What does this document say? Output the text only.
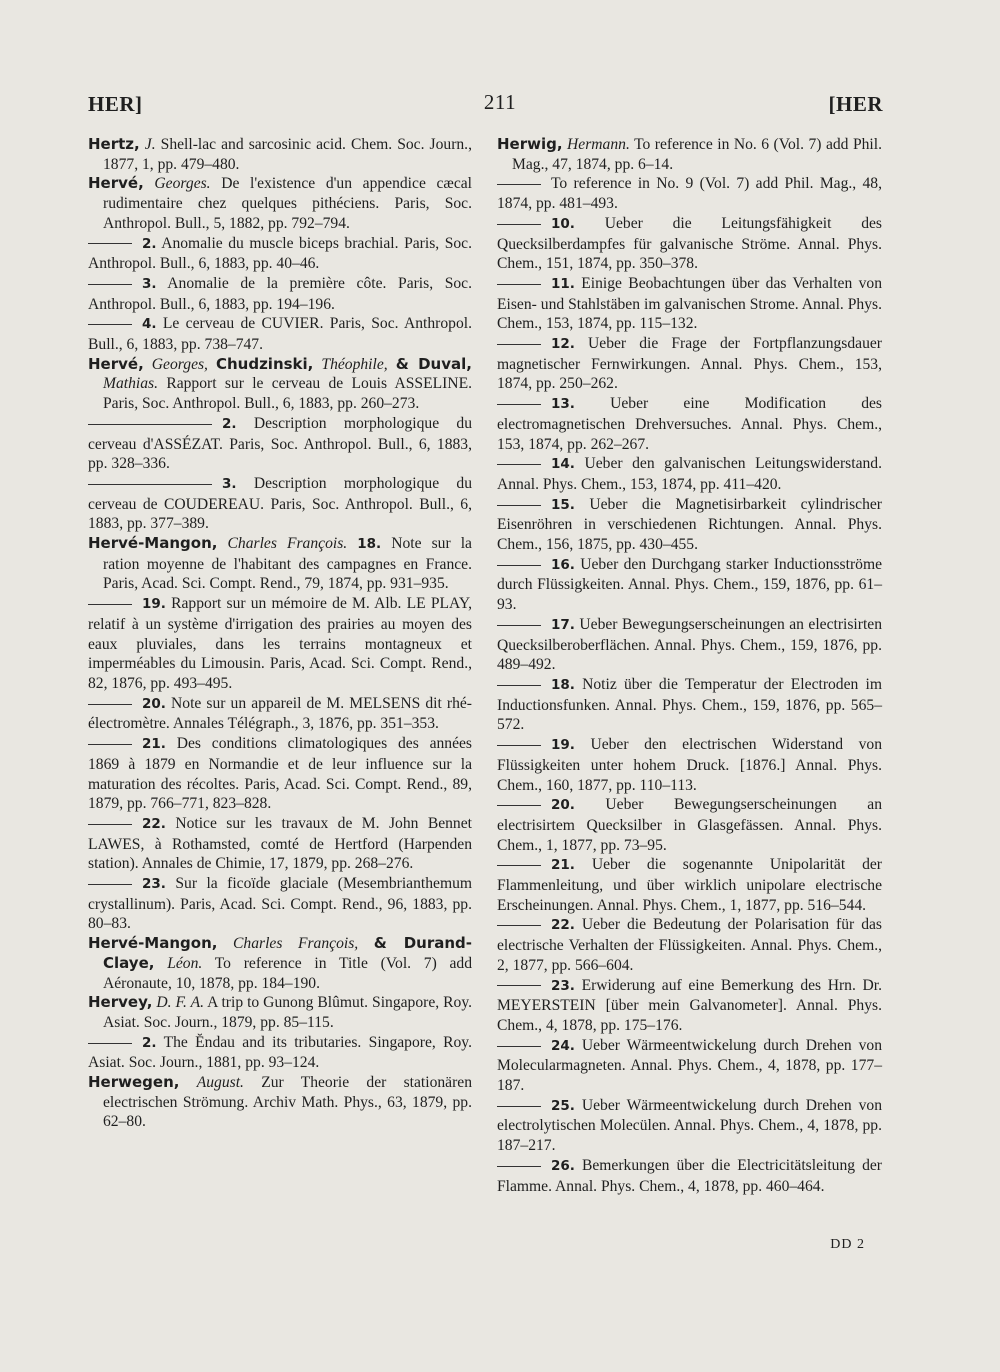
HER]	211	[HER

Hertz, J. Shell-lac and sarcosinic acid. Chem. Soc. Journ., 1877, 1, pp. 479–480.

Hervé, Georges. De l'existence d'un appendice cæcal rudimentaire chez quelques pithéciens. Paris, Soc. Anthropol. Bull., 5, 1882, pp. 792–794.

2. Anomalie du muscle biceps brachial. Paris, Soc. Anthropol. Bull., 6, 1883, pp. 40–46.

3. Anomalie de la première côte. Paris, Soc. Anthropol. Bull., 6, 1883, pp. 194–196.

4. Le cerveau de CUVIER. Paris, Soc. Anthropol. Bull., 6, 1883, pp. 738–747.

Hervé, Georges, Chudzinski, Théophile, & Duval, Mathias. Rapport sur le cerveau de Louis ASSELINE. Paris, Soc. Anthropol. Bull., 6, 1883, pp. 260–273.

2. Description morphologique du cerveau d'ASSÉZAT. Paris, Soc. Anthropol. Bull., 6, 1883, pp. 328–336.

3. Description morphologique du cerveau de COUDEREAU. Paris, Soc. Anthropol. Bull., 6, 1883, pp. 377–389.

Hervé-Mangon, Charles François. 18. Note sur la ration moyenne de l'habitant des campagnes en France. Paris, Acad. Sci. Compt. Rend., 79, 1874, pp. 931–935.

19. Rapport sur un mémoire de M. Alb. LE PLAY, relatif à un système d'irrigation des prairies au moyen des eaux pluviales, dans les terrains montagneux et imperméables du Limousin. Paris, Acad. Sci. Compt. Rend., 82, 1876, pp. 493–495.

20. Note sur un appareil de M. MELSENS dit rhé-électromètre. Annales Télégraph., 3, 1876, pp. 351–353.

21. Des conditions climatologiques des années 1869 à 1879 en Normandie et de leur influence sur la maturation des récoltes. Paris, Acad. Sci. Compt. Rend., 89, 1879, pp. 766–771, 823–828.

22. Notice sur les travaux de M. John Bennet LAWES, à Rothamsted, comté de Hertford (Harpenden station). Annales de Chimie, 17, 1879, pp. 268–276.

23. Sur la ficoïde glaciale (Mesembrianthemum crystallinum). Paris, Acad. Sci. Compt. Rend., 96, 1883, pp. 80–83.

Hervé-Mangon, Charles François, & Durand-Claye, Léon. To reference in Title (Vol. 7) add Aéronaute, 10, 1878, pp. 184–190.

Hervey, D. F. A. A trip to Gunong Blûmut. Singapore, Roy. Asiat. Soc. Journ., 1879, pp. 85–115.

2. The Ĕndau and its tributaries. Singapore, Roy. Asiat. Soc. Journ., 1881, pp. 93–124.

Herwegen, August. Zur Theorie der stationären electrischen Strömung. Archiv Math. Phys., 63, 1879, pp. 62–80.

Herwig, Hermann. To reference in No. 6 (Vol. 7) add Phil. Mag., 47, 1874, pp. 6–14.

To reference in No. 9 (Vol. 7) add Phil. Mag., 48, 1874, pp. 481–493.

10. Ueber die Leitungsfähigkeit des Quecksilberdampfes für galvanische Ströme. Annal. Phys. Chem., 151, 1874, pp. 350–378.

11. Einige Beobachtungen über das Verhalten von Eisen- und Stahlstäben im galvanischen Strome. Annal. Phys. Chem., 153, 1874, pp. 115–132.

12. Ueber die Frage der Fortpflanzungsdauer magnetischer Fernwirkungen. Annal. Phys. Chem., 153, 1874, pp. 250–262.

13. Ueber eine Modification des electromagnetischen Drehversuches. Annal. Phys. Chem., 153, 1874, pp. 262–267.

14. Ueber den galvanischen Leitungswiderstand. Annal. Phys. Chem., 153, 1874, pp. 411–420.

15. Ueber die Magnetisirbarkeit cylindrischer Eisenröhren in verschiedenen Richtungen. Annal. Phys. Chem., 156, 1875, pp. 430–455.

16. Ueber den Durchgang starker Inductionsströme durch Flüssigkeiten. Annal. Phys. Chem., 159, 1876, pp. 61–93.

17. Ueber Bewegungserscheinungen an electrisirten Quecksilberoberflächen. Annal. Phys. Chem., 159, 1876, pp. 489–492.

18. Notiz über die Temperatur der Electroden im Inductionsfunken. Annal. Phys. Chem., 159, 1876, pp. 565–572.

19. Ueber den electrischen Widerstand von Flüssigkeiten unter hohem Druck. [1876.] Annal. Phys. Chem., 160, 1877, pp. 110–113.

20. Ueber Bewegungserscheinungen an electrisirtem Quecksilber in Glasgefässen. Annal. Phys. Chem., 1, 1877, pp. 73–95.

21. Ueber die sogenannte Unipolarität der Flammenleitung, und über wirklich unipolare electrische Erscheinungen. Annal. Phys. Chem., 1, 1877, pp. 516–544.

22. Ueber die Bedeutung der Polarisation für das electrische Verhalten der Flüssigkeiten. Annal. Phys. Chem., 2, 1877, pp. 566–604.

23. Erwiderung auf eine Bemerkung des Hrn. Dr. MEYERSTEIN [über mein Galvanometer]. Annal. Phys. Chem., 4, 1878, pp. 175–176.

24. Ueber Wärmeentwickelung durch Drehen von Molecularmagneten. Annal. Phys. Chem., 4, 1878, pp. 177–187.

25. Ueber Wärmeentwickelung durch Drehen von electrolytischen Molecülen. Annal. Phys. Chem., 4, 1878, pp. 187–217.

26. Bemerkungen über die Electricitätsleitung der Flamme. Annal. Phys. Chem., 4, 1878, pp. 460–464.

DD 2
